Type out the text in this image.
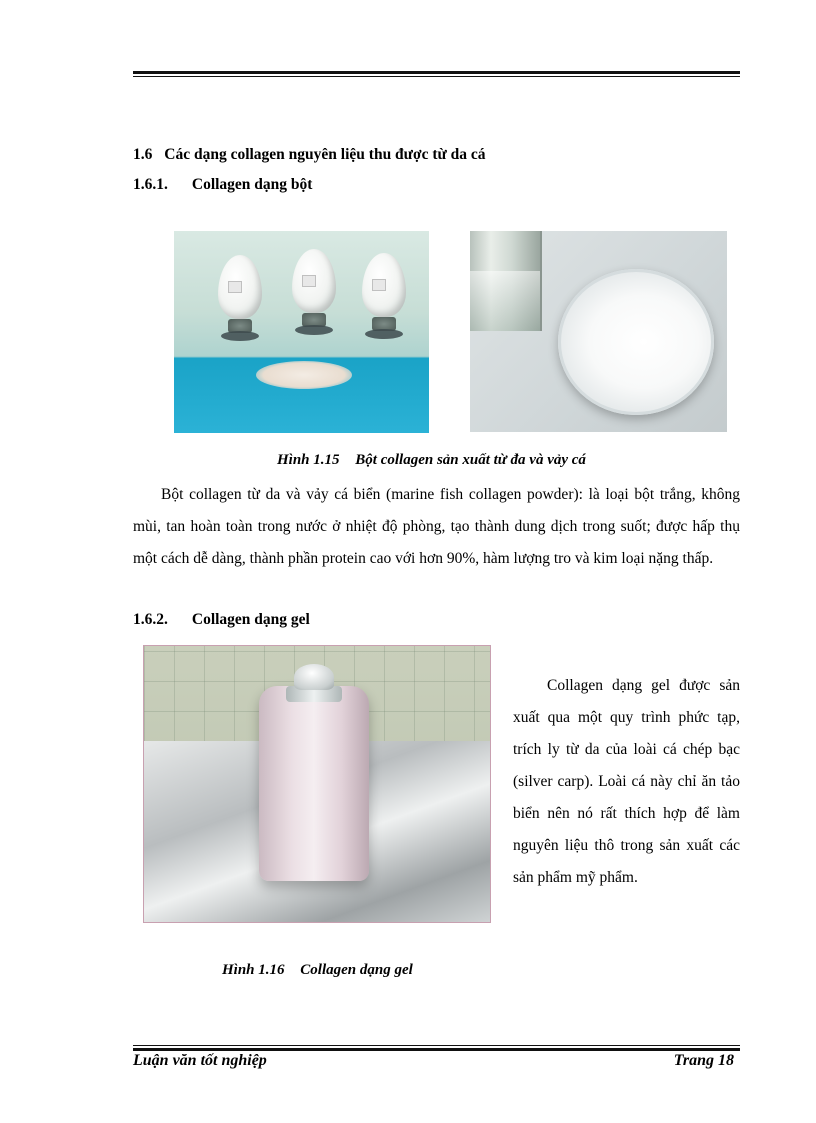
1.6 Các dạng collagen nguyên liệu thu được từ da cá
1.6.1. Collagen dạng bột
Hình 1.15 Bột collagen sản xuất từ đa và vảy cá
Bột collagen từ da và vảy cá biển (marine fish collagen powder): là loại bột trắng, không mùi, tan hoàn toàn trong nước ở nhiệt độ phòng, tạo thành dung dịch trong suốt; được hấp thụ một cách dễ dàng, thành phần protein cao với hơn 90%, hàm lượng tro và kim loại nặng thấp.
1.6.2. Collagen dạng gel
Collagen dạng gel được sản xuất qua một quy trình phức tạp, trích ly từ da của loài cá chép bạc (silver carp). Loài cá này chỉ ăn tảo biển nên nó rất thích hợp để làm nguyên liệu thô trong sản xuất các sản phẩm mỹ phẩm.
Hình 1.16 Collagen dạng gel
Luận văn tốt nghiệp	Trang 18
